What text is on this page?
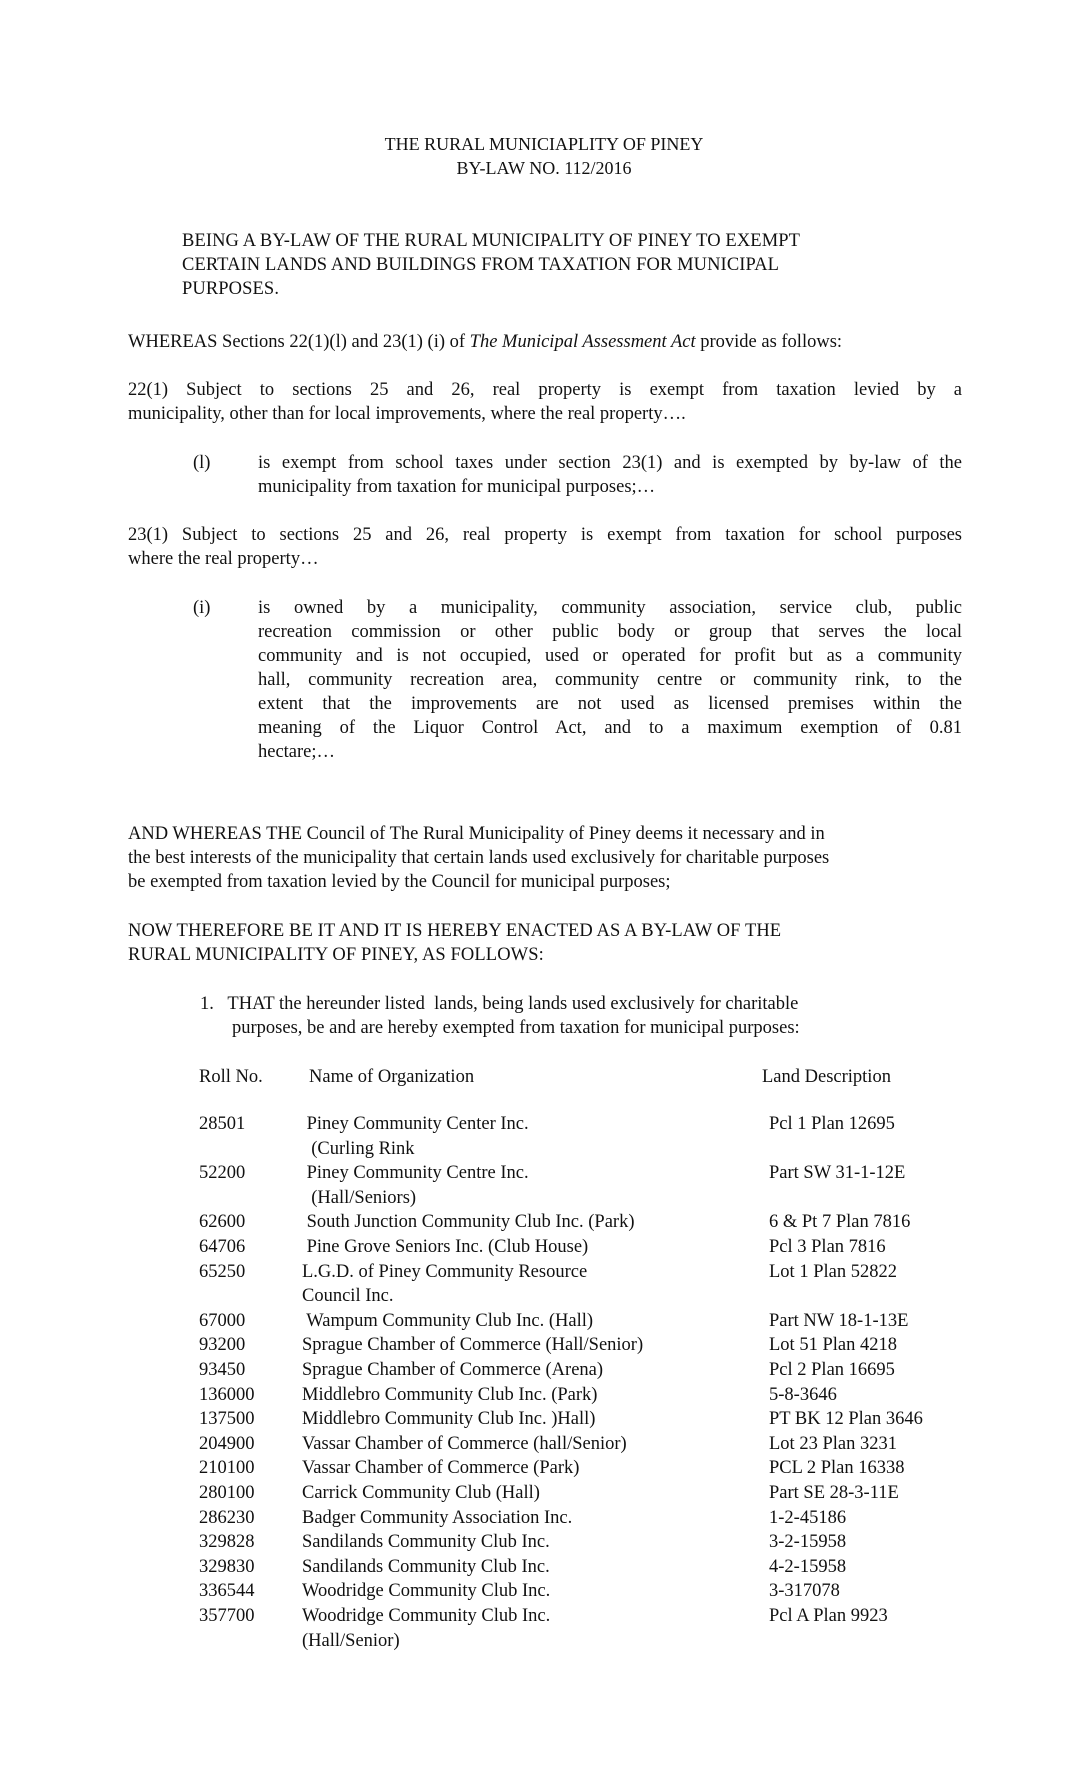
THE RURAL MUNICIAPLITY OF PINEY
BY-LAW NO. 112/2016
BEING A BY-LAW OF THE RURAL MUNICIPALITY OF PINEY TO EXEMPT
CERTAIN LANDS AND BUILDINGS FROM TAXATION FOR MUNICIPAL
PURPOSES.
WHEREAS Sections 22(1)(l) and 23(1) (i) of The Municipal Assessment Act provide as follows:
22(1) Subject to sections 25 and 26, real property is exempt from taxation levied by a
municipality, other than for local improvements, where the real property….
(l)	is exempt from school taxes under section 23(1) and is exempted by by-law of the
municipality from taxation for municipal purposes;…
23(1) Subject to sections 25 and 26, real property is exempt from taxation for school purposes
where the real property…
(i)	is owned by a municipality, community association, service club, public
recreation commission or other public body or group that serves the local
community and is not occupied, used or operated for profit but as a community
hall, community recreation area, community centre or community rink, to the
extent that the improvements are not used as licensed premises within the
meaning of the Liquor Control Act, and to a maximum exemption of 0.81
hectare;…
AND WHEREAS THE Council of The Rural Municipality of Piney deems it necessary and in
the best interests of the municipality that certain lands used exclusively for charitable purposes
be exempted from taxation levied by the Council for municipal purposes;
NOW THEREFORE BE IT AND IT IS HEREBY ENACTED AS A BY-LAW OF THE
RURAL MUNICIPALITY OF PINEY, AS FOLLOWS:
1.   THAT the hereunder listed  lands, being lands used exclusively for charitable
purposes, be and are hereby exempted from taxation for municipal purposes:
Roll No.	Name of Organization	Land Description
28501	Piney Community Center Inc.	Pcl 1 Plan 12695
(Curling Rink
52200	Piney Community Centre Inc.	Part SW 31-1-12E
(Hall/Seniors)
62600	South Junction Community Club Inc. (Park)	6 & Pt 7 Plan 7816
64706	Pine Grove Seniors Inc. (Club House)	Pcl 3 Plan 7816
65250	L.G.D. of Piney Community Resource	Lot 1 Plan 52822
Council Inc.
67000	Wampum Community Club Inc. (Hall)	Part NW 18-1-13E
93200	Sprague Chamber of Commerce (Hall/Senior)	Lot 51 Plan 4218
93450	Sprague Chamber of Commerce (Arena)	Pcl 2 Plan 16695
136000	Middlebro Community Club Inc. (Park)	5-8-3646
137500	Middlebro Community Club Inc. )Hall)	PT BK 12 Plan 3646
204900	Vassar Chamber of Commerce (hall/Senior)	Lot 23 Plan 3231
210100	Vassar Chamber of Commerce (Park)	PCL 2 Plan 16338
280100	Carrick Community Club (Hall)	Part SE 28-3-11E
286230	Badger Community Association Inc.	1-2-45186
329828	Sandilands Community Club Inc.	3-2-15958
329830	Sandilands Community Club Inc.	4-2-15958
336544	Woodridge Community Club Inc.	3-317078
357700	Woodridge Community Club Inc.	Pcl A Plan 9923
(Hall/Senior)
